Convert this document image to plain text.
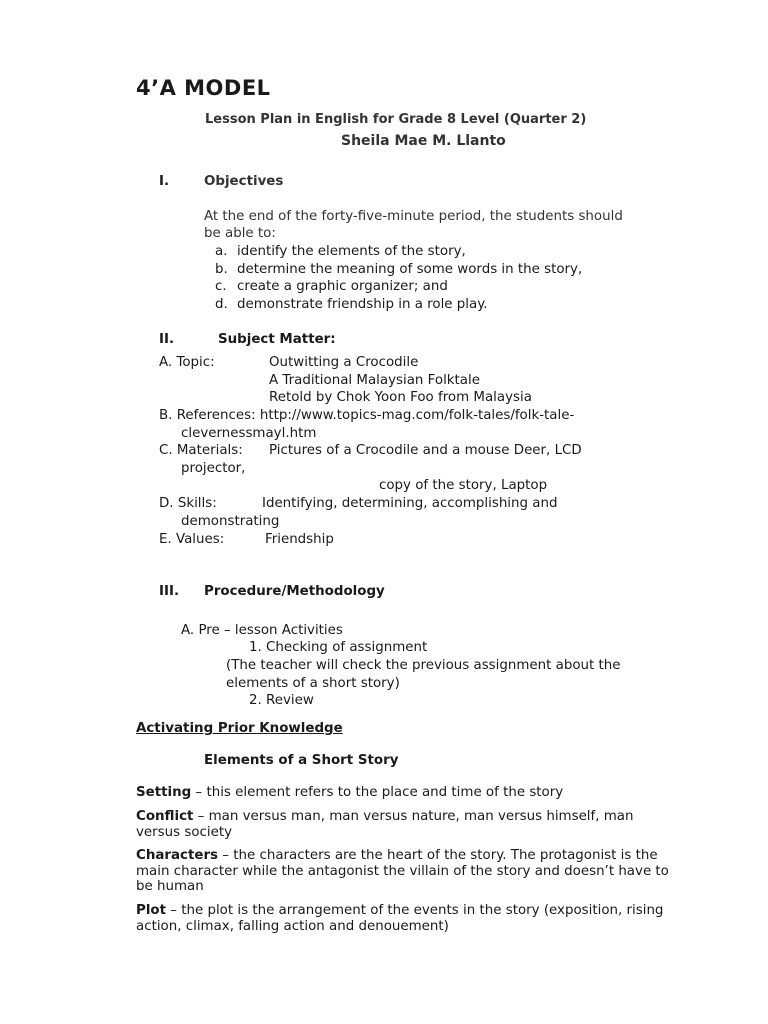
4’A MODEL
Lesson Plan in English for Grade 8 Level (Quarter 2)
Sheila Mae M. Llanto
I.	Objectives
At the end of the forty-five-minute period, the students should
be able to:
a. identify the elements of the story,
b. determine the meaning of some words in the story,
c. create a graphic organizer; and
d. demonstrate friendship in a role play.
II.	Subject Matter:
A. Topic:	Outwitting a Crocodile
A Traditional Malaysian Folktale
Retold by Chok Yoon Foo from Malaysia
B. References: http://www.topics-mag.com/folk-tales/folk-tale-
clevernessmayl.htm
C. Materials: Pictures of a Crocodile and a mouse Deer, LCD
projector,
copy of the story, Laptop
D. Skills:	Identifying, determining, accomplishing and
demonstrating
E. Values:	Friendship
III. Procedure/Methodology
A. Pre – lesson Activities
1. Checking of assignment
(The teacher will check the previous assignment about the
elements of a short story)
2. Review
Activating Prior Knowledge
Elements of a Short Story
Setting – this element refers to the place and time of the story
Conflict – man versus man, man versus nature, man versus himself, man versus society
Characters – the characters are the heart of the story. The protagonist is the main character while the antagonist the villain of the story and doesn’t have to be human
Plot – the plot is the arrangement of the events in the story (exposition, rising action, climax, falling action and denouement)
